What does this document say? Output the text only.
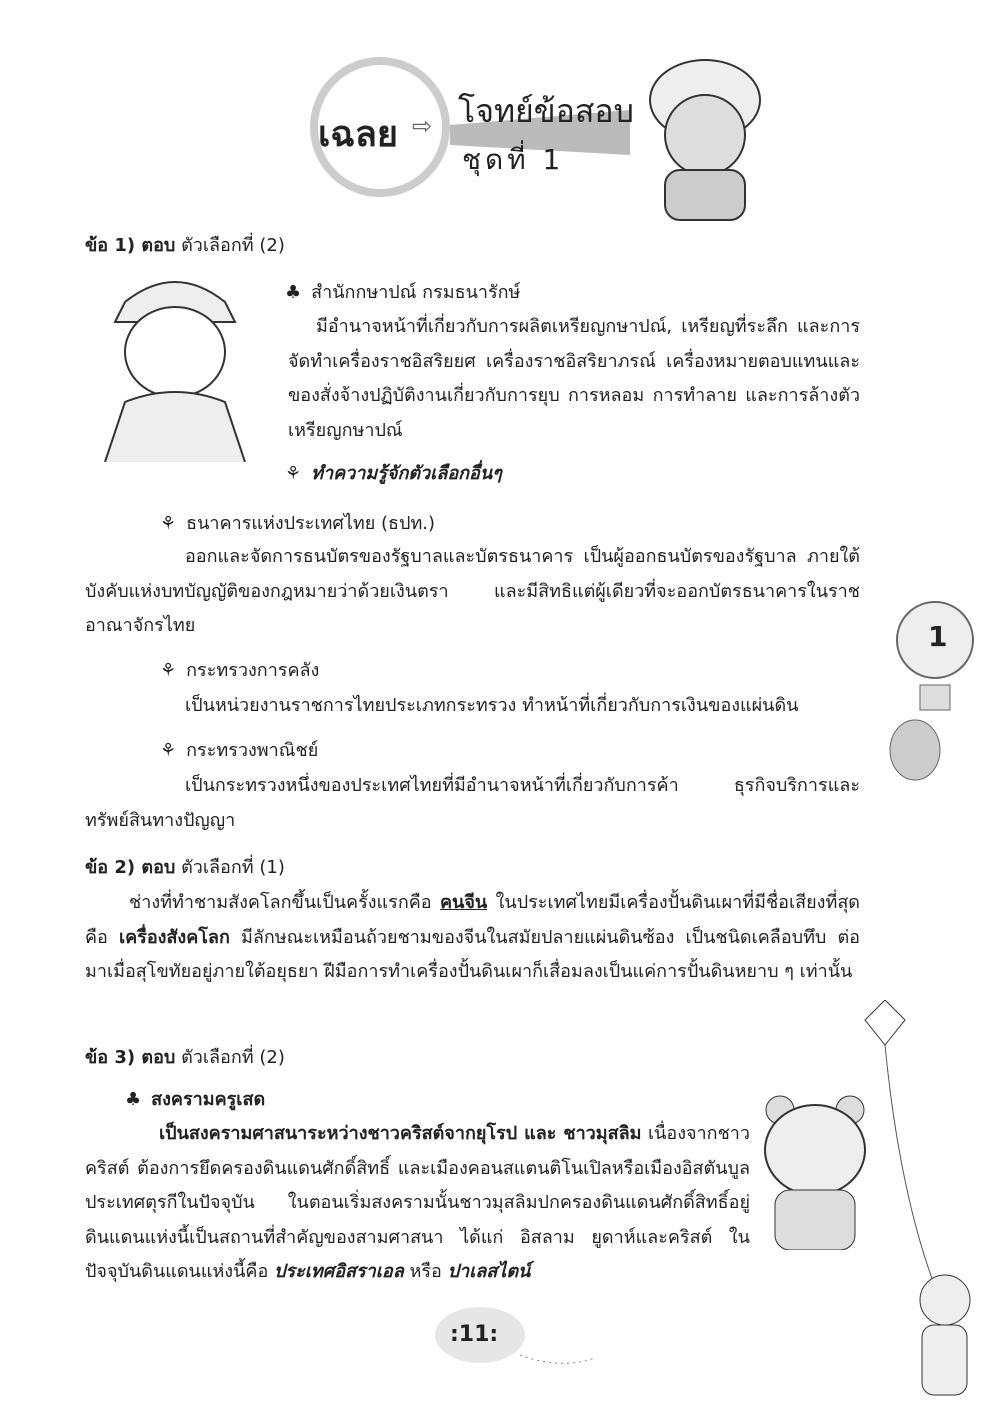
เฉลย ⇨ โจทย์ข้อสอบ
ชุดที่ 1
ข้อ 1) ตอบ ตัวเลือกที่ (2)
♣ สำนักกษาปณ์ กรมธนารักษ์
มีอำนาจหน้าที่เกี่ยวกับการผลิตเหรียญกษาปณ์, เหรียญที่ระลึก และการจัดทำเครื่องราชอิสริยยศ เครื่องราชอิสริยาภรณ์ เครื่องหมายตอบแทนและของสั่งจ้างปฏิบัติงานเกี่ยวกับการยุบ การหลอม การทำลาย และการล้างตัวเหรียญกษาปณ์
⚘ ทำความรู้จักตัวเลือกอื่นๆ
⚘ ธนาคารแห่งประเทศไทย (ธปท.)
ออกและจัดการธนบัตรของรัฐบาลและบัตรธนาคาร เป็นผู้ออกธนบัตรของรัฐบาล ภายใต้บังคับแห่งบทบัญญัติของกฎหมายว่าด้วยเงินตรา และมีสิทธิแต่ผู้เดียวที่จะออกบัตรธนาคารในราชอาณาจักรไทย
⚘ กระทรวงการคลัง
เป็นหน่วยงานราชการไทยประเภทกระทรวง ทำหน้าที่เกี่ยวกับการเงินของแผ่นดิน
⚘ กระทรวงพาณิชย์
เป็นกระทรวงหนึ่งของประเทศไทยที่มีอำนาจหน้าที่เกี่ยวกับการค้า ธุรกิจบริการและทรัพย์สินทางปัญญา
1
ข้อ 2) ตอบ ตัวเลือกที่ (1)
ช่างที่ทำชามสังคโลกขึ้นเป็นครั้งแรกคือ คนจีน ในประเทศไทยมีเครื่องปั้นดินเผาที่มีชื่อเสียงที่สุดคือ เครื่องสังคโลก มีลักษณะเหมือนถ้วยชามของจีนในสมัยปลายแผ่นดินซ้อง เป็นชนิดเคลือบทึบ ต่อมาเมื่อสุโขทัยอยู่ภายใต้อยุธยา ฝีมือการทำเครื่องปั้นดินเผาก็เสื่อมลงเป็นแค่การปั้นดินหยาบ ๆ เท่านั้น
ข้อ 3) ตอบ ตัวเลือกที่ (2)
♣ สงครามครูเสด
เป็นสงครามศาสนาระหว่างชาวคริสต์จากยุโรป และ ชาวมุสลิม เนื่องจากชาวคริสต์ ต้องการยึดครองดินแดนศักดิ์สิทธิ์ และเมืองคอนสแตนติโนเปิลหรือเมืองอิสตันบูล ประเทศตุรกีในปัจจุบัน ในตอนเริ่มสงครามนั้นชาวมุสลิมปกครองดินแดนศักดิ์สิทธิ์อยู่ ดินแดนแห่งนี้เป็นสถานที่สำคัญของสามศาสนา ได้แก่ อิสลาม ยูดาห์และคริสต์ ในปัจจุบันดินแดนแห่งนี้คือ ประเทศอิสราเอล หรือ ปาเลสไตน์
:11:
